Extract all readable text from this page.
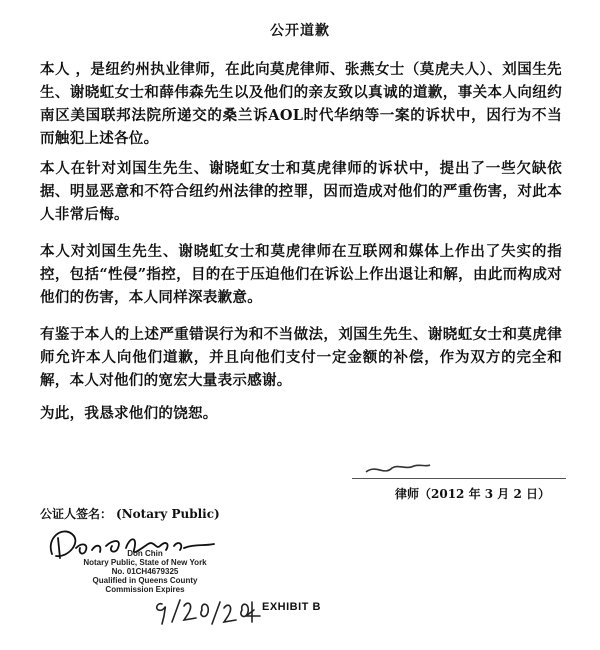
公开道歉
本人 ，是纽约州执业律师，在此向莫虎律师、张燕女士（莫虎夫人）、刘国生先生、谢晓虹女士和薛伟森先生以及他们的亲友致以真诚的道歉，事关本人向纽约南区美国联邦法院所递交的桑兰诉AOL时代华纳等一案的诉状中，因行为不当而触犯上述各位。
本人在针对刘国生先生、谢晓虹女士和莫虎律师的诉状中，提出了一些欠缺依据、明显恶意和不符合纽约州法律的控罪，因而造成对他们的严重伤害，对此本人非常后悔。
本人对刘国生先生、谢晓虹女士和莫虎律师在互联网和媒体上作出了失实的指控，包括“性侵”指控，目的在于压迫他们在诉讼上作出退让和解，由此而构成对他们的伤害，本人同样深表歉意。
有鉴于本人的上述严重错误行为和不当做法，刘国生先生、谢晓虹女士和莫虎律师允许本人向他们道歉，并且向他们支付一定金额的补偿，作为双方的完全和解，本人对他们的宽宏大量表示感谢。
为此，我恳求他们的饶恕。
律师（2012 年 3 月 2 日）
公证人签名： (Notary Public)
Don Chin
Notary Public, State of New York
No. 01CH4679325
Qualified in Queens County
Commission Expires
EXHIBIT B
